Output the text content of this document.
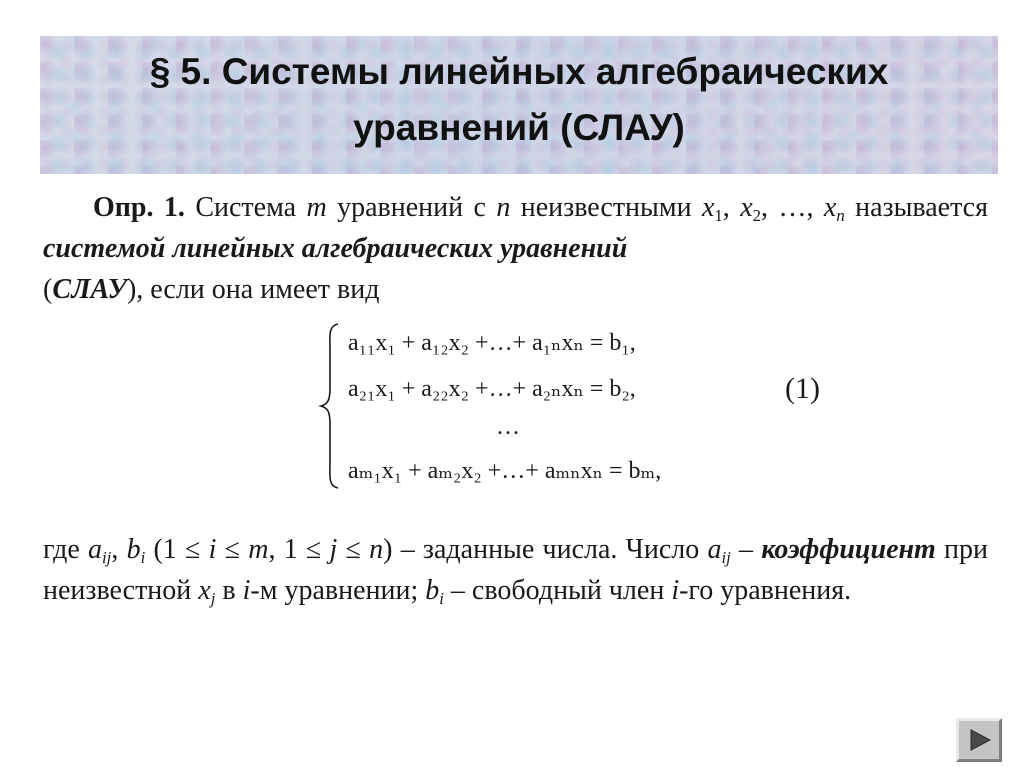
§ 5. Системы линейных алгебраических
уравнений (СЛАУ)

Опр. 1. Система m уравнений с n неизвестными $x_1$, $x_2$, …, $x_n$ называется системой линейных алгебраических уравнений
(СЛАУ), если она имеет вид

a₁₁x₁ + a₁₂x₂ +…+ a₁ₙxₙ = b₁,
a₂₁x₁ + a₂₂x₂ +…+ a₂ₙxₙ = b₂,
…
aₘ₁x₁ + aₘ₂x₂ +…+ aₘₙxₙ = bₘ,
(1)

где $a_{ij}$, $b_i$ (1 ≤ i ≤ m, 1 ≤ j ≤ n) – заданные числа. Число $a_{ij}$ – коэффициент при неизвестной $x_j$ в i-м уравнении; $b_i$ – свободный член i-го уравнения.
